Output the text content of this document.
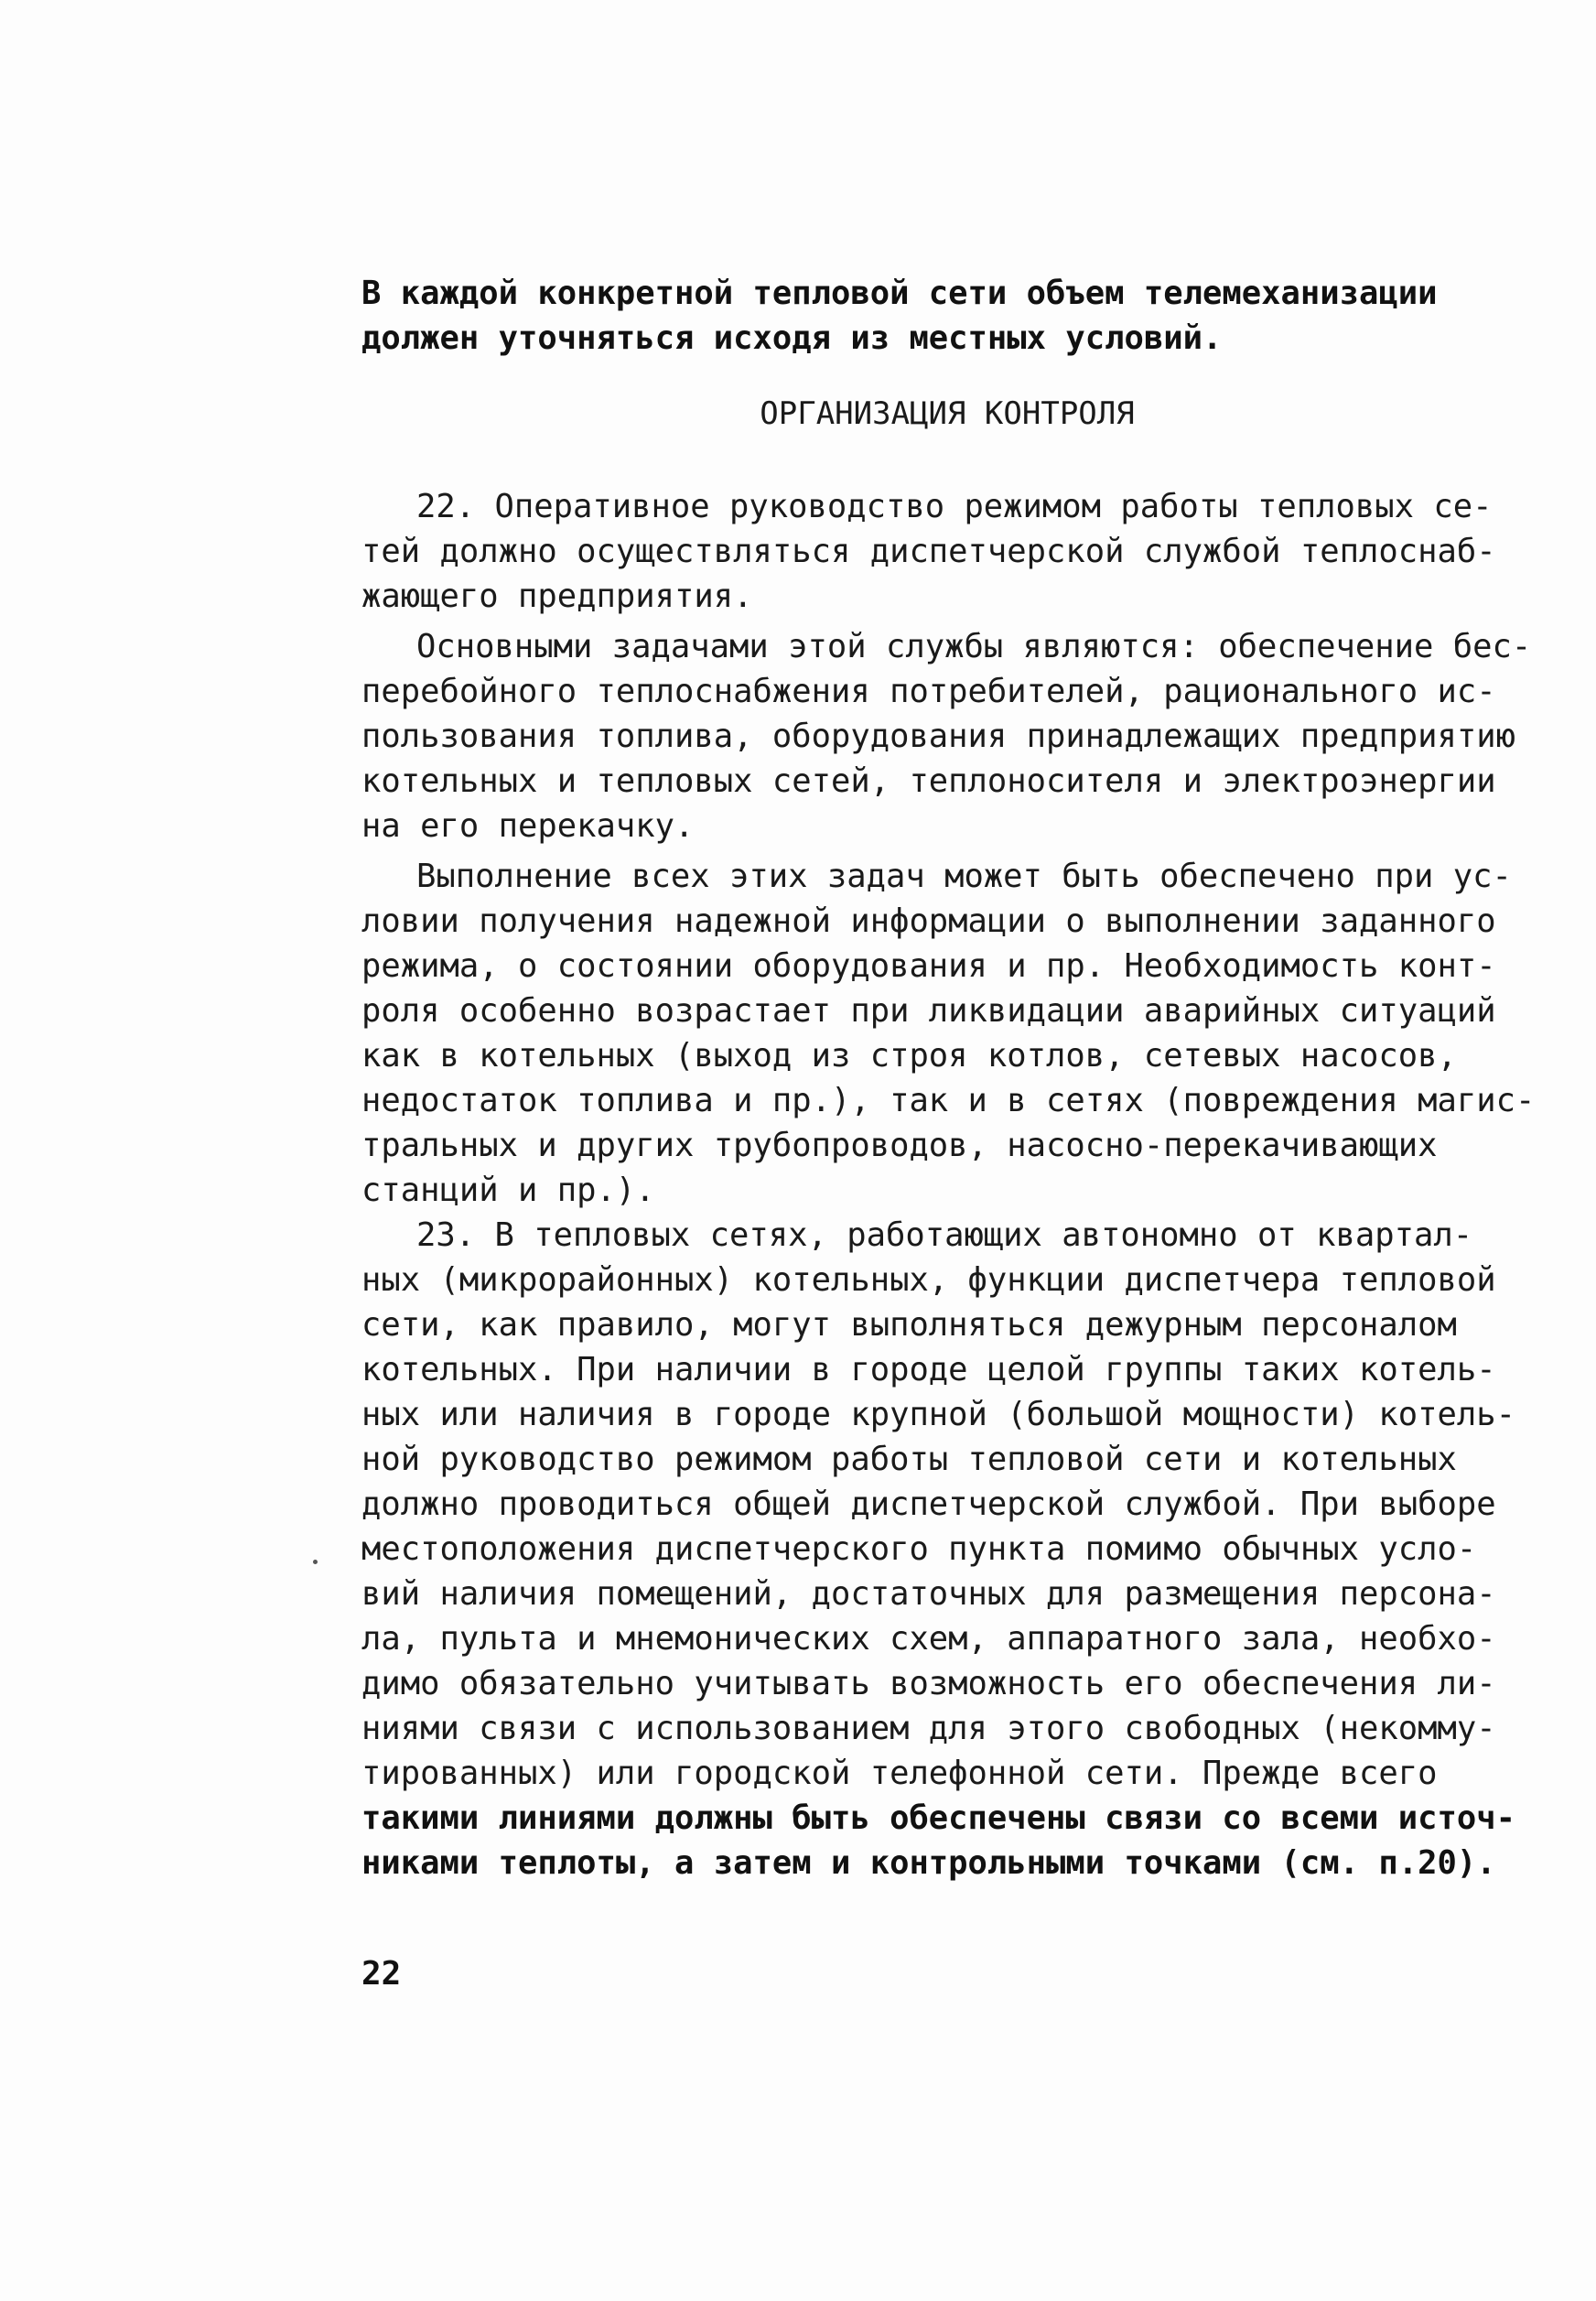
В каждой конкретной тепловой сети объем телемеханизации
должен уточняться исходя из местных условий.
ОРГАНИЗАЦИЯ КОНТРОЛЯ
22. Оперативное руководство режимом работы тепловых се-
тей должно осуществляться диспетчерской службой теплоснаб-
жающего предприятия.
Основными задачами этой службы являются: обеспечение бес-
перебойного теплоснабжения потребителей, рационального ис-
пользования топлива, оборудования принадлежащих предприятию
котельных и тепловых сетей, теплоносителя и электроэнергии
на его перекачку.
Выполнение всех этих задач может быть обеспечено при ус-
ловии получения надежной информации о выполнении заданного
режима, о состоянии оборудования и пр. Необходимость конт-
роля особенно возрастает при ликвидации аварийных ситуаций
как в котельных (выход из строя котлов, сетевых насосов,
недостаток топлива и пр.), так и в сетях (повреждения магис-
тральных и других трубопроводов, насосно-перекачивающих
станций и пр.).
23. В тепловых сетях, работающих автономно от квартал-
ных (микрорайонных) котельных, функции диспетчера тепловой
сети, как правило, могут выполняться дежурным персоналом
котельных. При наличии в городе целой группы таких котель-
ных или наличия в городе крупной (большой мощности) котель-
ной руководство режимом работы тепловой сети и котельных
должно проводиться общей диспетчерской службой. При выборе
местоположения диспетчерского пункта помимо обычных усло-
вий наличия помещений, достаточных для размещения персона-
ла, пульта и мнемонических схем, аппаратного зала, необхо-
димо обязательно учитывать возможность его обеспечения ли-
ниями связи с использованием для этого свободных (некомму-
тированных) или городской телефонной сети. Прежде всего
такими линиями должны быть обеспечены связи со всеми источ-
никами теплоты, а затем и контрольными точками (см. п.20).
22
